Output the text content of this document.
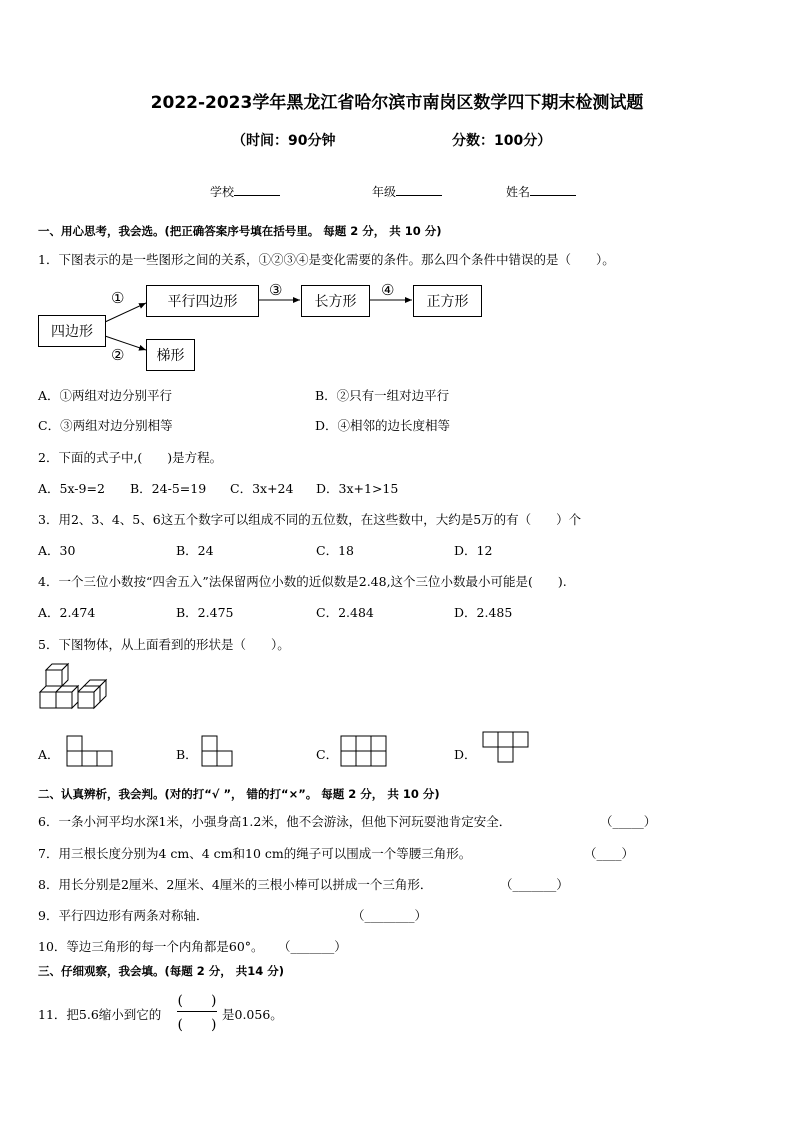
2022-2023学年黑龙江省哈尔滨市南岗区数学四下期末检测试题
（时间：90分钟	分数：100分）
学校	年级	姓名
一、用心思考，我会选。(把正确答案序号填在括号里。 每题 2 分， 共 10 分)
1．下图表示的是一些图形之间的关系，①②③④是变化需要的条件。那么四个条件中错误的是（　　）。
四边形
平行四边形	长方形	正方形
梯形
①
②
③	④
A．①两组对边分别平行	B．②只有一组对边平行
C．③两组对边分别相等	D．④相邻的边长度相等
2．下面的式子中,(　　)是方程。
A．5x-9=2 B．24-5=19 C．3x+24 D．3x+1>15
3．用2、3、4、5、6这五个数字可以组成不同的五位数，在这些数中，大约是5万的有（　　）个
A．30	B．24	C．18	D．12
4．一个三位小数按“四舍五入”法保留两位小数的近似数是2.48,这个三位小数最小可能是(　　).
A．2.474	B．2.475	C．2.484	D．2.485
5．下图物体，从上面看到的形状是（　　）。
A．	B．	C．	D．
二、认真辨析，我会判。(对的打“√ ”， 错的打“×”。 每题 2 分， 共 10 分)
6．一条小河平均水深1米，小强身高1.2米，他不会游泳，但他下河玩耍池肯定安全．	（_____）
7．用三根长度分别为4 cm、4 cm和10 cm的绳子可以围成一个等腰三角形。	（____）
8．用长分别是2厘米、2厘米、4厘米的三根小棒可以拼成一个三角形．	（_______）
9．平行四边形有两条对称轴．	（________）
10．等边三角形的每一个内角都是60°。 （_______）
三、仔细观察，我会填。(每题 2 分， 共14 分)
11．把5.6缩小到它的
(　　)
(　　)
是0.056。
